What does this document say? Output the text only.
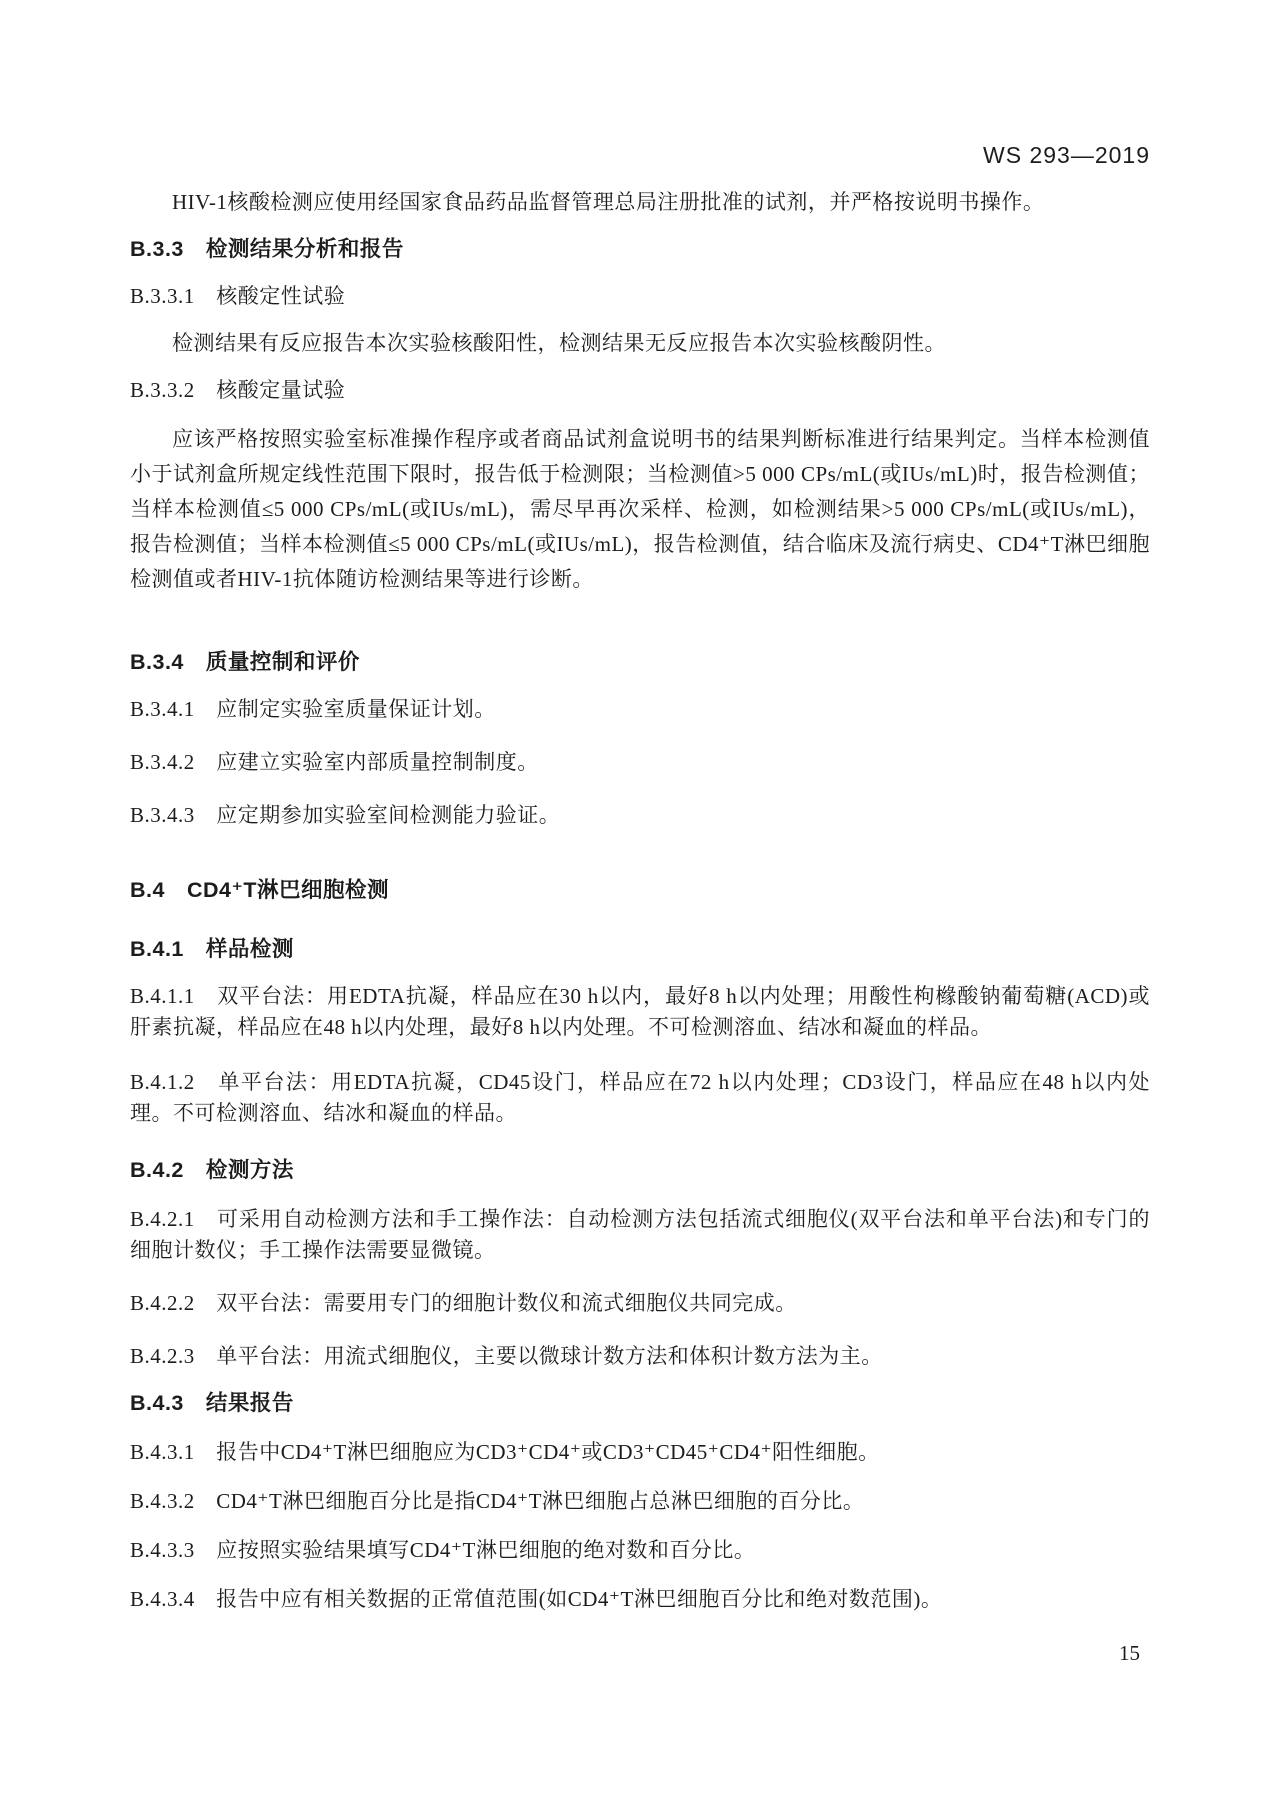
WS 293—2019
HIV-1核酸检测应使用经国家食品药品监督管理总局注册批准的试剂，并严格按说明书操作。
B.3.3　检测结果分析和报告
B.3.3.1　核酸定性试验
检测结果有反应报告本次实验核酸阳性，检测结果无反应报告本次实验核酸阴性。
B.3.3.2　核酸定量试验
应该严格按照实验室标准操作程序或者商品试剂盒说明书的结果判断标准进行结果判定。当样本检测值小于试剂盒所规定线性范围下限时，报告低于检测限；当检测值>5 000 CPs/mL(或IUs/mL)时，报告检测值；当样本检测值≤5 000 CPs/mL(或IUs/mL)，需尽早再次采样、检测，如检测结果>5 000 CPs/mL(或IUs/mL)，报告检测值；当样本检测值≤5 000 CPs/mL(或IUs/mL)，报告检测值，结合临床及流行病史、CD4⁺T淋巴细胞检测值或者HIV-1抗体随访检测结果等进行诊断。
B.3.4　质量控制和评价
B.3.4.1　应制定实验室质量保证计划。
B.3.4.2　应建立实验室内部质量控制制度。
B.3.4.3　应定期参加实验室间检测能力验证。
B.4　CD4⁺T淋巴细胞检测
B.4.1　样品检测
B.4.1.1　双平台法：用EDTA抗凝，样品应在30 h以内，最好8 h以内处理；用酸性枸橼酸钠葡萄糖(ACD)或肝素抗凝，样品应在48 h以内处理，最好8 h以内处理。不可检测溶血、结冰和凝血的样品。
B.4.1.2　单平台法：用EDTA抗凝，CD45设门，样品应在72 h以内处理；CD3设门，样品应在48 h以内处理。不可检测溶血、结冰和凝血的样品。
B.4.2　检测方法
B.4.2.1　可采用自动检测方法和手工操作法：自动检测方法包括流式细胞仪(双平台法和单平台法)和专门的细胞计数仪；手工操作法需要显微镜。
B.4.2.2　双平台法：需要用专门的细胞计数仪和流式细胞仪共同完成。
B.4.2.3　单平台法：用流式细胞仪，主要以微球计数方法和体积计数方法为主。
B.4.3　结果报告
B.4.3.1　报告中CD4⁺T淋巴细胞应为CD3⁺CD4⁺或CD3⁺CD45⁺CD4⁺阳性细胞。
B.4.3.2　CD4⁺T淋巴细胞百分比是指CD4⁺T淋巴细胞占总淋巴细胞的百分比。
B.4.3.3　应按照实验结果填写CD4⁺T淋巴细胞的绝对数和百分比。
B.4.3.4　报告中应有相关数据的正常值范围(如CD4⁺T淋巴细胞百分比和绝对数范围)。
15
